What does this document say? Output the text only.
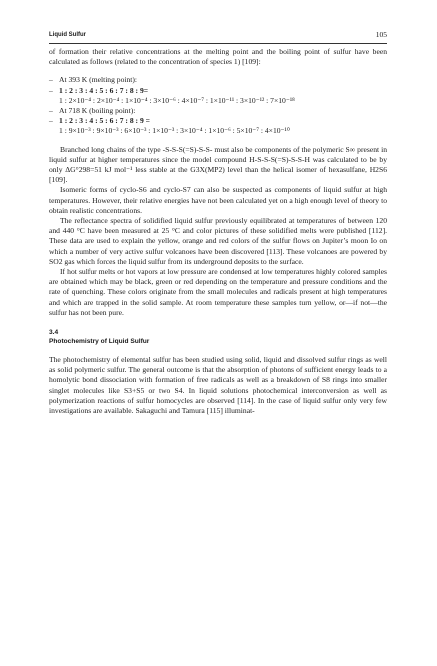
Liquid Sulfur	105

of formation their relative concentrations at the melting point and the boiling point of sulfur have been calculated as follows (related to the concentration of species 1) [109]:

– At 393 K (melting point):
– 1 : 2 : 3 : 4 : 5 : 6 : 7 : 8 : 9=
1 : 2×10⁻⁴ : 2×10⁻⁴ : 1×10⁻⁴ : 3×10⁻⁶ : 4×10⁻⁷ : 1×10⁻¹¹ : 3×10⁻¹² : 7×10⁻¹⁸
– At 718 K (boiling point):
– 1 : 2 : 3 : 4 : 5 : 6 : 7 : 8 : 9 =
1 : 9×10⁻³ : 9×10⁻³ : 6×10⁻³ : 1×10⁻³ : 3×10⁻⁴ : 1×10⁻⁶ : 5×10⁻⁷ : 4×10⁻¹⁰

Branched long chains of the type -S-S-S(=S)-S-S- must also be components of the polymeric S∞ present in liquid sulfur at higher temperatures since the model compound H-S-S-S(=S)-S-S-H was calculated to be by only ΔG°298=51 kJ mol⁻¹ less stable at the G3X(MP2) level than the helical isomer of hexasulfane, H2S6 [109].

Isomeric forms of cyclo-S6 and cyclo-S7 can also be suspected as components of liquid sulfur at high temperatures. However, their relative energies have not been calculated yet on a high enough level of theory to obtain realistic concentrations.

The reflectance spectra of solidified liquid sulfur previously equilibrated at temperatures of between 120 and 440 °C have been measured at 25 °C and color pictures of these solidified melts were published [112]. These data are used to explain the yellow, orange and red colors of the sulfur flows on Jupiter’s moon Io on which a number of very active sulfur volcanoes have been discovered [113]. These volcanoes are powered by SO2 gas which forces the liquid sulfur from its underground deposits to the surface.

If hot sulfur melts or hot vapors at low pressure are condensed at low temperatures highly colored samples are obtained which may be black, green or red depending on the temperature and pressure conditions and the rate of quenching. These colors originate from the small molecules and radicals present at high temperatures and which are trapped in the solid sample. At room temperature these samples turn yellow, or—if not—the sulfur has not been pure.

3.4
Photochemistry of Liquid Sulfur

The photochemistry of elemental sulfur has been studied using solid, liquid and dissolved sulfur rings as well as solid polymeric sulfur. The general outcome is that the absorption of photons of sufficient energy leads to a homolytic bond dissociation with formation of free radicals as well as a breakdown of S8 rings into smaller singlet molecules like S3+S5 or two S4. In liquid solutions photochemical interconversion as well as polymerization reactions of sulfur homocycles are observed [114]. In the case of liquid sulfur only very few investigations are available. Sakaguchi and Tamura [115] illuminat-
